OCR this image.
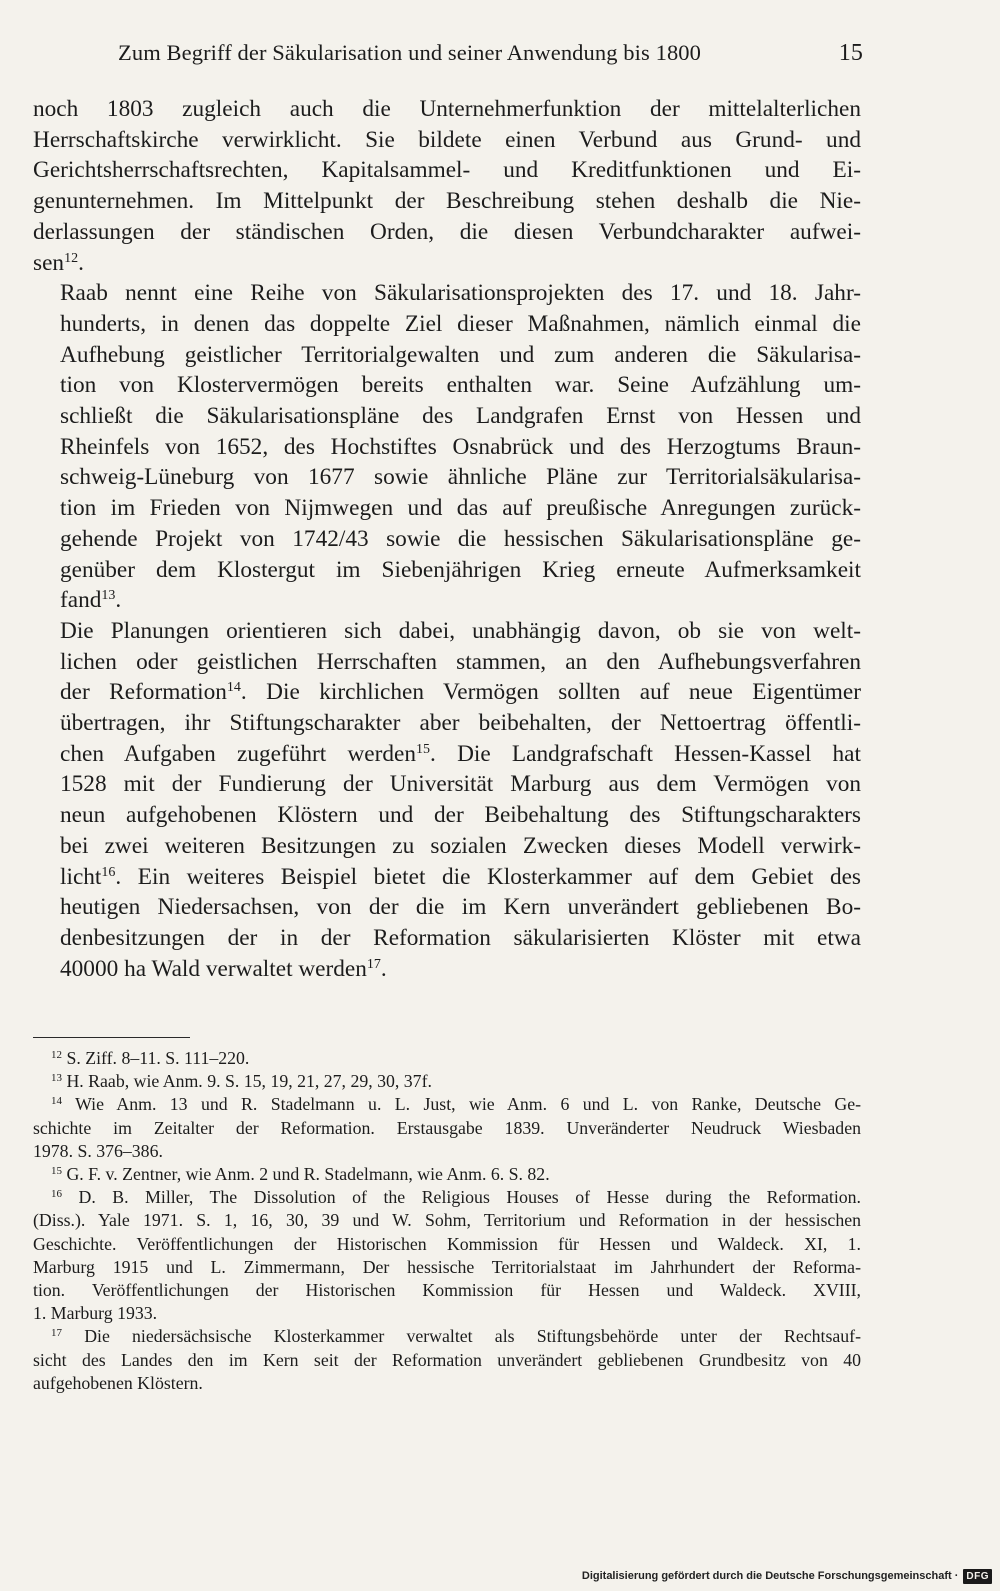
Zum Begriff der Säkularisation und seiner Anwendung bis 1800	15

noch 1803 zugleich auch die Unternehmerfunktion der mittelalterlichen
Herrschaftskirche verwirklicht. Sie bildete einen Verbund aus Grund- und
Gerichtsherrschaftsrechten, Kapitalsammel- und Kreditfunktionen und Ei-
genunternehmen. Im Mittelpunkt der Beschreibung stehen deshalb die Nie-
derlassungen der ständischen Orden, die diesen Verbundcharakter aufwei-
sen$^{12}$.

Raab nennt eine Reihe von Säkularisationsprojekten des 17. und 18. Jahr-
hunderts, in denen das doppelte Ziel dieser Maßnahmen, nämlich einmal die
Aufhebung geistlicher Territorialgewalten und zum anderen die Säkularisa-
tion von Klostervermögen bereits enthalten war. Seine Aufzählung um-
schließt die Säkularisationspläne des Landgrafen Ernst von Hessen und
Rheinfels von 1652, des Hochstiftes Osnabrück und des Herzogtums Braun-
schweig-Lüneburg von 1677 sowie ähnliche Pläne zur Territorialsäkularisa-
tion im Frieden von Nijmwegen und das auf preußische Anregungen zurück-
gehende Projekt von 1742/43 sowie die hessischen Säkularisationspläne ge-
genüber dem Klostergut im Siebenjährigen Krieg erneute Aufmerksamkeit
fand$^{13}$.

Die Planungen orientieren sich dabei, unabhängig davon, ob sie von welt-
lichen oder geistlichen Herrschaften stammen, an den Aufhebungsverfahren
der Reformation$^{14}$. Die kirchlichen Vermögen sollten auf neue Eigentümer
übertragen, ihr Stiftungscharakter aber beibehalten, der Nettoertrag öffentli-
chen Aufgaben zugeführt werden$^{15}$. Die Landgrafschaft Hessen-Kassel hat
1528 mit der Fundierung der Universität Marburg aus dem Vermögen von
neun aufgehobenen Klöstern und der Beibehaltung des Stiftungscharakters
bei zwei weiteren Besitzungen zu sozialen Zwecken dieses Modell verwirk-
licht$^{16}$. Ein weiteres Beispiel bietet die Klosterkammer auf dem Gebiet des
heutigen Niedersachsen, von der die im Kern unverändert gebliebenen Bo-
denbesitzungen der in der Reformation säkularisierten Klöster mit etwa
40000 ha Wald verwaltet werden$^{17}$.

$^{12}$ S. Ziff. 8–11. S. 111–220.
$^{13}$ H. Raab, wie Anm. 9. S. 15, 19, 21, 27, 29, 30, 37f.
$^{14}$ Wie Anm. 13 und R. Stadelmann u. L. Just, wie Anm. 6 und L. von Ranke, Deutsche Ge-
schichte im Zeitalter der Reformation. Erstausgabe 1839. Unveränderter Neudruck Wiesbaden
1978. S. 376–386.
$^{15}$ G. F. v. Zentner, wie Anm. 2 und R. Stadelmann, wie Anm. 6. S. 82.
$^{16}$ D. B. Miller, The Dissolution of the Religious Houses of Hesse during the Reformation.
(Diss.). Yale 1971. S. 1, 16, 30, 39 und W. Sohm, Territorium und Reformation in der hessischen
Geschichte. Veröffentlichungen der Historischen Kommission für Hessen und Waldeck. XI, 1.
Marburg 1915 und L. Zimmermann, Der hessische Territorialstaat im Jahrhundert der Reforma-
tion. Veröffentlichungen der Historischen Kommission für Hessen und Waldeck. XVIII,
1. Marburg 1933.
$^{17}$ Die niedersächsische Klosterkammer verwaltet als Stiftungsbehörde unter der Rechtsauf-
sicht des Landes den im Kern seit der Reformation unverändert gebliebenen Grundbesitz von 40
aufgehobenen Klöstern.
Digitalisierung gefördert durch die Deutsche Forschungsgemeinschaft · DFG
